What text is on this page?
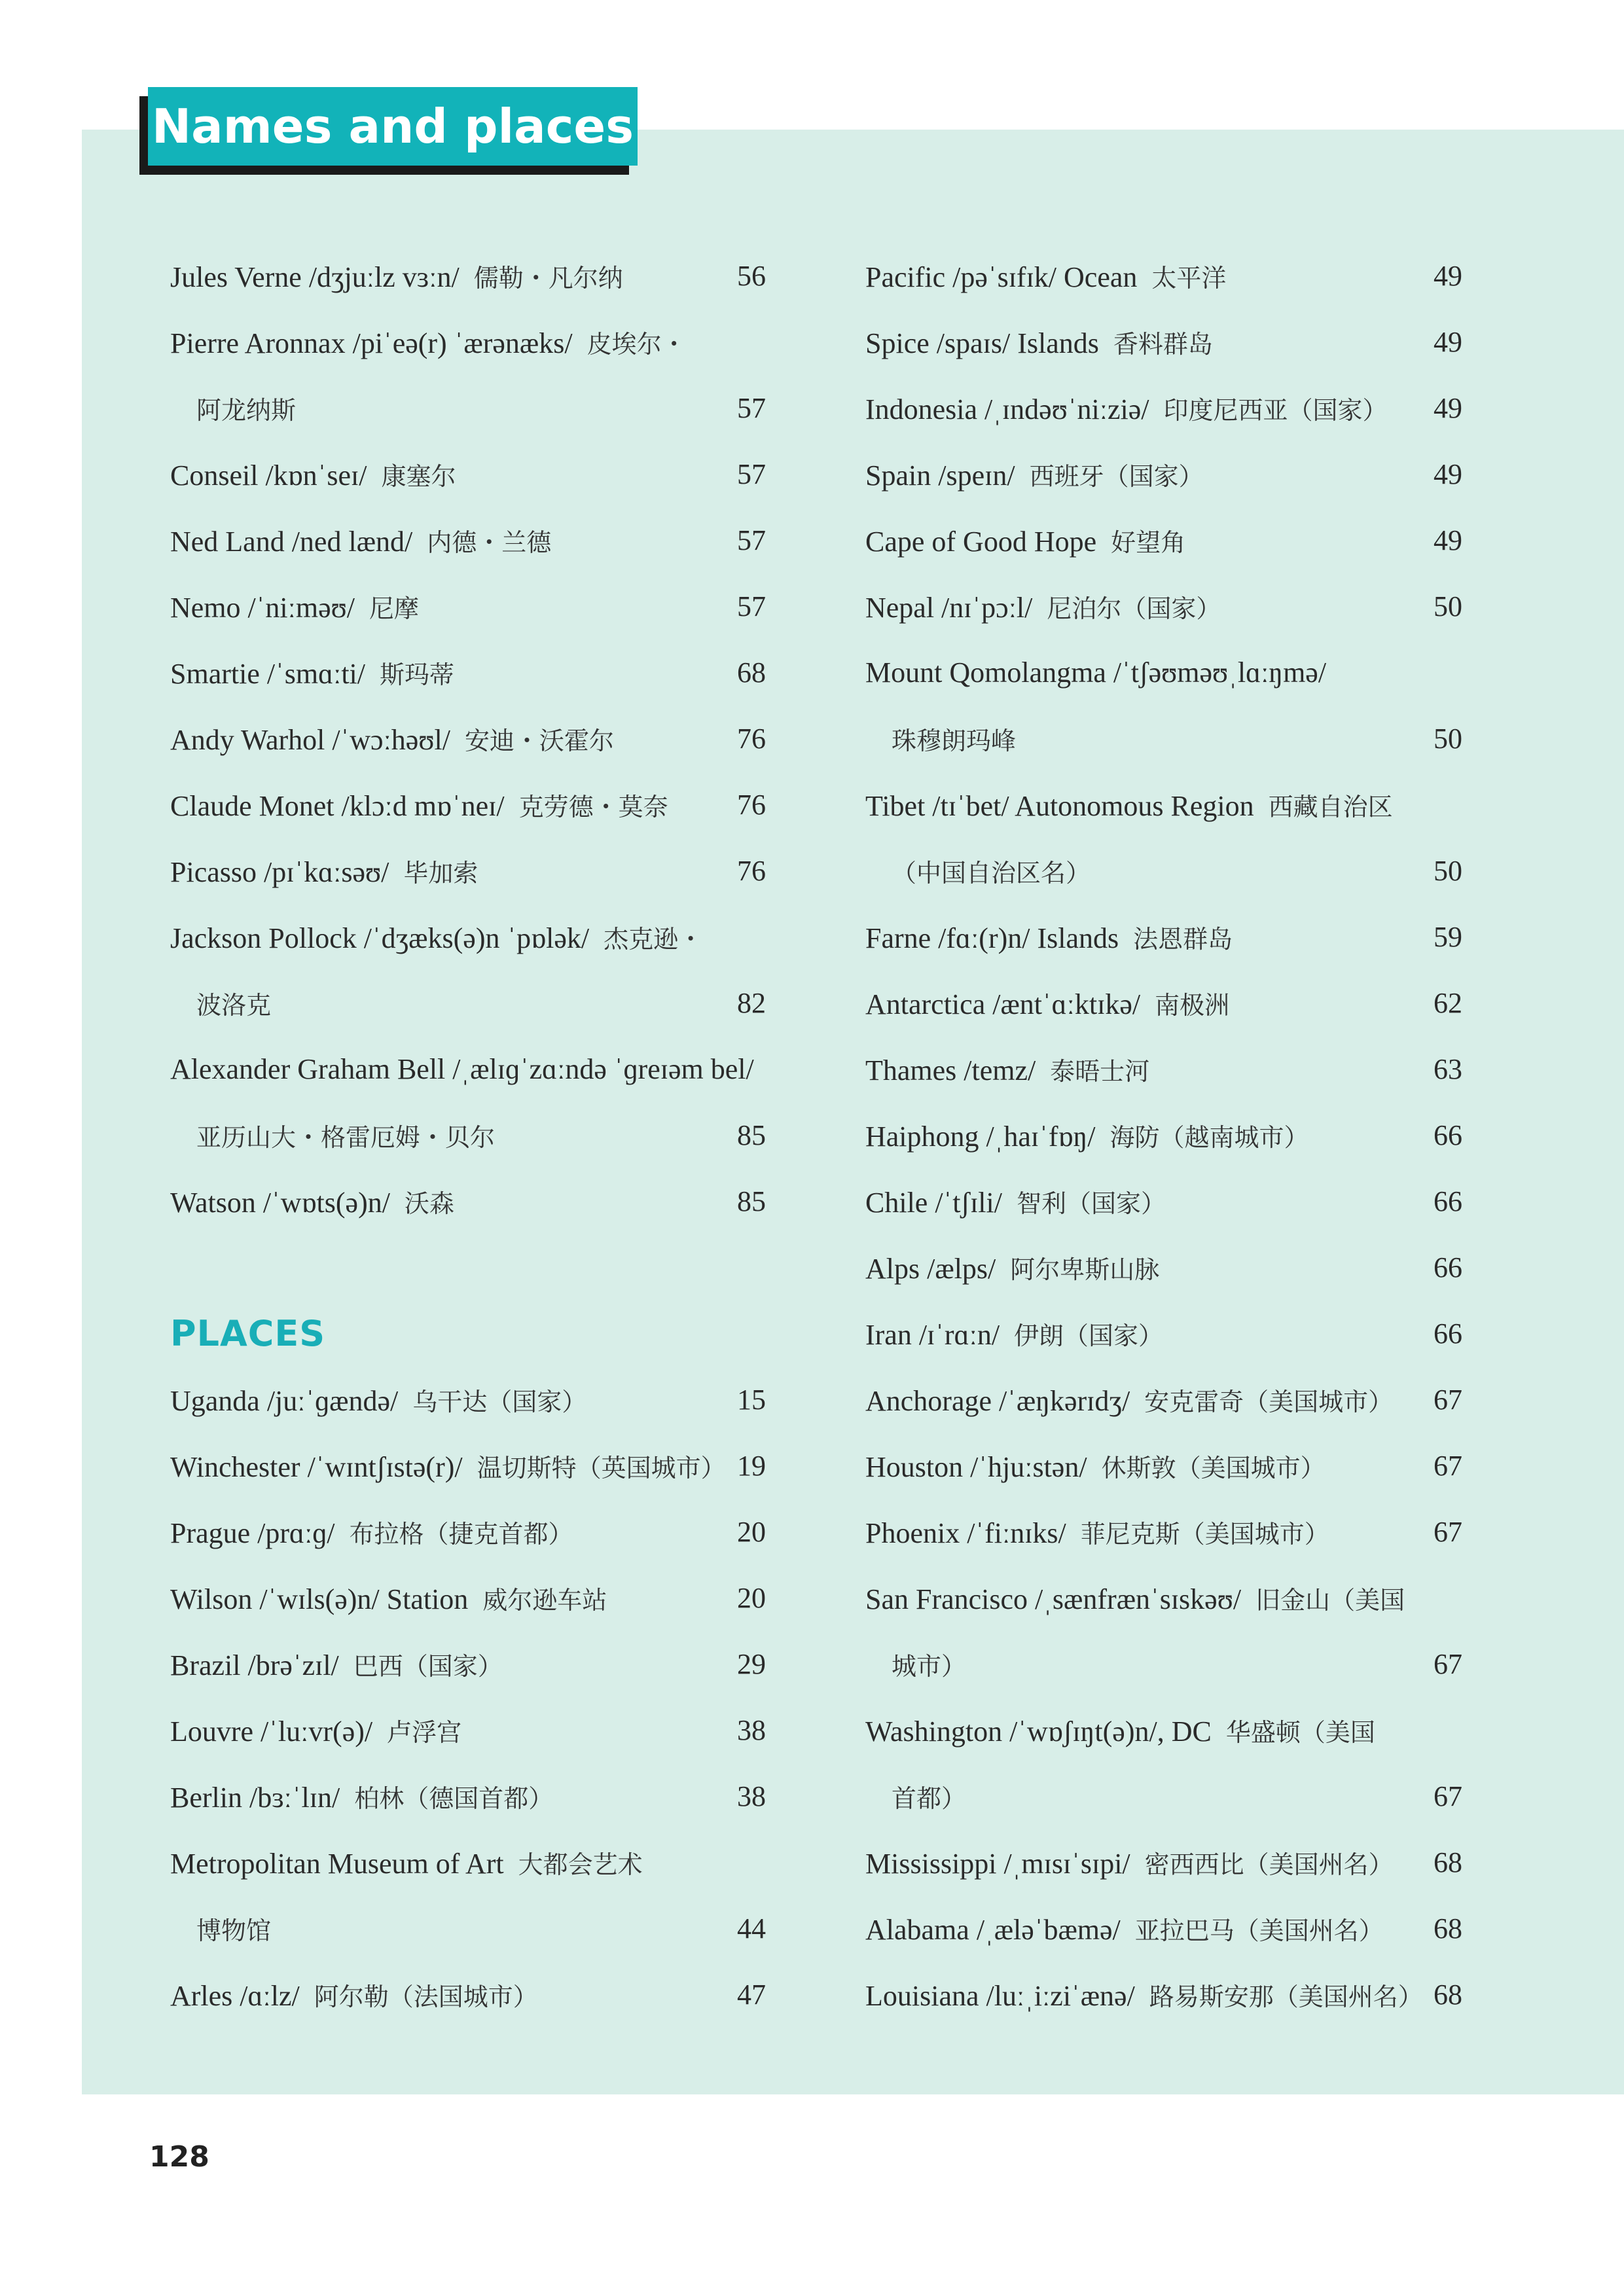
Names and places
Jules Verne /dʒjuːlz vɜːn/ 儒勒・凡尔纳	56
Pierre Aronnax /piˈeə(r) ˈærənæks/ 皮埃尔・
阿龙纳斯	57
Conseil /kɒnˈseɪ/ 康塞尔	57
Ned Land /ned lænd/ 内德・兰德	57
Nemo /ˈniːməʊ/ 尼摩	57
Smartie /ˈsmɑːti/ 斯玛蒂	68
Andy Warhol /ˈwɔːhəʊl/ 安迪・沃霍尔	76
Claude Monet /klɔːd mɒˈneɪ/ 克劳德・莫奈 76
Picasso /pɪˈkɑːsəʊ/ 毕加索	76
Jackson Pollock /ˈdʒæks(ə)n ˈpɒlək/ 杰克逊・
波洛克	82
Alexander Graham Bell /ˌælɪɡˈzɑːndə ˈɡreɪəm bel/
亚历山大・格雷厄姆・贝尔	85
Watson /ˈwɒts(ə)n/ 沃森	85
PLACES
Uganda /juːˈɡændə/ 乌干达（国家）	15
Winchester /ˈwɪntʃɪstə(r)/ 温切斯特（英国城市） 19
Prague /prɑːɡ/ 布拉格（捷克首都）	20
Wilson /ˈwɪls(ə)n/ Station 威尔逊车站	20
Brazil /brəˈzɪl/ 巴西（国家）	29
Louvre /ˈluːvr(ə)/ 卢浮宫	38
Berlin /bɜːˈlɪn/ 柏林（德国首都）	38
Metropolitan Museum of Art 大都会艺术
博物馆	44
Arles /ɑːlz/ 阿尔勒（法国城市）	47
Pacific /pəˈsɪfɪk/ Ocean 太平洋	49
Spice /spaɪs/ Islands 香料群岛	49
Indonesia /ˌɪndəʊˈniːziə/ 印度尼西亚（国家） 49
Spain /speɪn/ 西班牙（国家）	49
Cape of Good Hope 好望角	49
Nepal /nɪˈpɔːl/ 尼泊尔（国家）	50
Mount Qomolangma /ˈtʃəʊməʊˌlɑːŋmə/
珠穆朗玛峰	50
Tibet /tɪˈbet/ Autonomous Region 西藏自治区
（中国自治区名）	50
Farne /fɑː(r)n/ Islands 法恩群岛	59
Antarctica /æntˈɑːktɪkə/ 南极洲	62
Thames /temz/ 泰晤士河	63
Haiphong /ˌhaɪˈfɒŋ/ 海防（越南城市）	66
Chile /ˈtʃɪli/ 智利（国家）	66
Alps /ælps/ 阿尔卑斯山脉	66
Iran /ɪˈrɑːn/ 伊朗（国家）	66
Anchorage /ˈæŋkərɪdʒ/ 安克雷奇（美国城市） 67
Houston /ˈhjuːstən/ 休斯敦（美国城市）	67
Phoenix /ˈfiːnɪks/ 菲尼克斯（美国城市）	67
San Francisco /ˌsænfrænˈsɪskəʊ/ 旧金山（美国
城市）	67
Washington /ˈwɒʃɪŋt(ə)n/, DC 华盛顿（美国
首都）	67
Mississippi /ˌmɪsɪˈsɪpi/ 密西西比（美国州名） 68
Alabama /ˌæləˈbæmə/ 亚拉巴马（美国州名） 68
Louisiana /luːˌiːziˈænə/ 路易斯安那（美国州名） 68
128
